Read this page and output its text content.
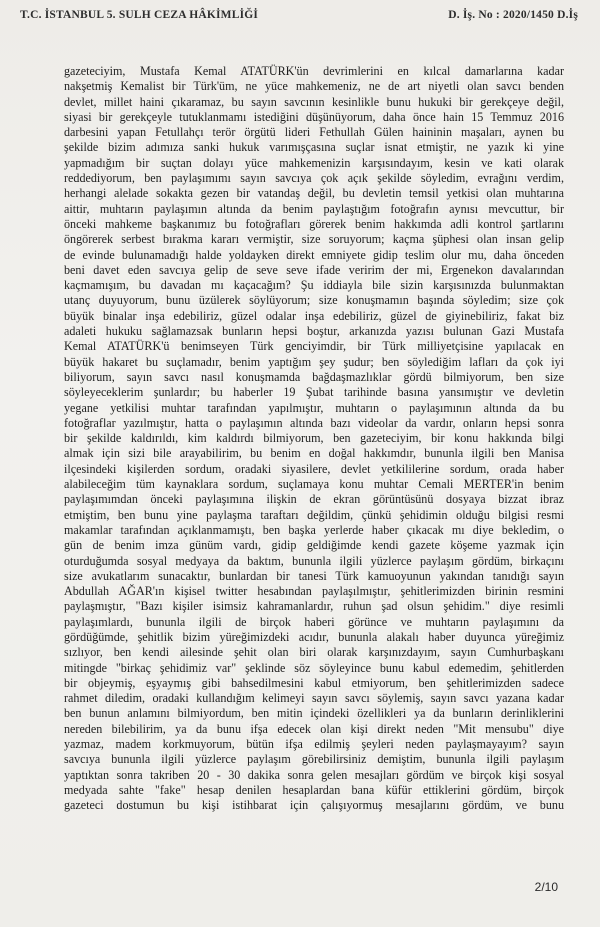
T.C. İSTANBUL 5. SULH CEZA HÂKİMLİĞİ	D. İş. No : 2020/1450 D.İş
gazeteciyim, Mustafa Kemal ATATÜRK'ün devrimlerini en kılcal damarlarına kadar
nakşetmiş Kemalist bir Türk'üm, ne yüce mahkemeniz, ne de art niyetli olan savcı benden
devlet, millet haini çıkaramaz, bu sayın savcının kesinlikle bunu hukuki bir gerekçeye değil,
siyasi bir gerekçeyle tutuklanmamı istediğini düşünüyorum, daha önce hain 15 Temmuz 2016
darbesini yapan Fetullahçı terör örgütü lideri Fethullah Gülen haininin maşaları, aynen bu
şekilde bizim adımıza sanki hukuk varımışçasına suçlar isnat etmiştir, ne yazık ki yine
yapmadığım bir suçtan dolayı yüce mahkemenizin karşısındayım, kesin ve kati olarak
reddediyorum, ben paylaşımımı sayın savcıya çok açık şekilde söyledim, evrağını verdim,
herhangi alelade sokakta gezen bir vatandaş değil, bu devletin temsil yetkisi olan muhtarına
aittir, muhtarın paylaşımın altında da benim paylaştığım fotoğrafın aynısı mevcuttur, bir
önceki mahkeme başkanımız bu fotoğrafları görerek benim hakkımda adli kontrol şartlarını
öngörerek serbest bırakma kararı vermiştir, size soruyorum; kaçma şüphesi olan insan gelip
de evinde bulunamadığı halde yoldayken direkt emniyete gidip teslim olur mu, daha önceden
beni davet eden savcıya gelip de seve seve ifade veririm der mi, Ergenekon davalarından
kaçmamışım, bu davadan mı kaçacağım? Şu iddiayla bile sizin karşısınızda bulunmaktan
utanç duyuyorum, bunu üzülerek söylüyorum; size konuşmamın başında söyledim; size çok
büyük binalar inşa edebiliriz, güzel odalar inşa edebiliriz, güzel de giyinebiliriz, fakat biz
adaleti hukuku sağlamazsak bunların hepsi boştur, arkanızda yazısı bulunan Gazi Mustafa
Kemal ATATÜRK'ü benimseyen Türk genciyimdir, bir Türk milliyetçisine yapılacak en
büyük hakaret bu suçlamadır, benim yaptığım şey şudur; ben söylediğim lafları da çok iyi
biliyorum, sayın savcı nasıl konuşmamda bağdaşmazlıklar gördü bilmiyorum, ben size
söyleyeceklerim şunlardır; bu haberler 19 Şubat tarihinde basına yansımıştır ve devletin
yegane yetkilisi muhtar tarafından yapılmıştır, muhtarın o paylaşımının altında da bu
fotoğraflar yazılmıştır, hatta o paylaşımın altında bazı videolar da vardır, onların hepsi sonra
bir şekilde kaldırıldı, kim kaldırdı bilmiyorum, ben gazeteciyim, bir konu hakkında bilgi
almak için sizi bile arayabilirim, bu benim en doğal hakkımdır, bununla ilgili ben Manisa
ilçesindeki kişilerden sordum, oradaki siyasilere, devlet yetkililerine sordum, orada haber
alabileceğim tüm kaynaklara sordum, suçlamaya konu muhtar Cemali MERTER'in benim
paylaşımımdan önceki paylaşımına ilişkin de ekran görüntüsünü dosyaya bizzat ibraz
etmiştim, ben bunu yine paylaşma taraftarı değildim, çünkü şehidimin olduğu bilgisi resmi
makamlar tarafından açıklanmamıştı, ben başka yerlerde haber çıkacak mı diye bekledim, o
gün de benim imza günüm vardı, gidip geldiğimde kendi gazete köşeme yazmak için
oturduğumda sosyal medyaya da baktım, bununla ilgili yüzlerce paylaşım gördüm, birkaçını
size avukatlarım sunacaktır, bunlardan bir tanesi Türk kamuoyunun yakından tanıdığı sayın
Abdullah AĞAR'ın kişisel twitter hesabından paylaşılmıştır, şehitlerimizden birinin resmini
paylaşmıştır, "Bazı kişiler isimsiz kahramanlardır, ruhun şad olsun şehidim." diye resimli
paylaşımlardı, bununla ilgili de birçok haberi görünce ve muhtarın paylaşımını da
gördüğümde, şehitlik bizim yüreğimizdeki acıdır, bununla alakalı haber duyunca yüreğimiz
sızlıyor, ben kendi ailesinde şehit olan biri olarak karşınızdayım, sayın Cumhurbaşkanı
mitingde "birkaç şehidimiz var" şeklinde söz söyleyince bunu kabul edemedim, şehitlerden
bir objeymiş, eşyaymış gibi bahsedilmesini kabul etmiyorum, ben şehitlerimizden sadece
rahmet diledim, oradaki kullandığım kelimeyi sayın savcı söylemiş, sayın savcı yazana kadar
ben bunun anlamını bilmiyordum, ben mitin içindeki özellikleri ya da bunların derinliklerini
nereden bilebilirim, ya da bunu ifşa edecek olan kişi direkt neden "Mit mensubu" diye
yazmaz, madem korkmuyorum, bütün ifşa edilmiş şeyleri neden paylaşmayayım? sayın
savcıya bununla ilgili yüzlerce paylaşım görebilirsiniz demiştim, bununla ilgili paylaşım
yaptıktan sonra takriben 20 - 30 dakika sonra gelen mesajları gördüm ve birçok kişi sosyal
medyada sahte "fake" hesap denilen hesaplardan bana küfür ettiklerini gördüm, birçok
gazeteci dostumun bu kişi istihbarat için çalışıyormuş mesajlarını gördüm, ve bunu
2/10
